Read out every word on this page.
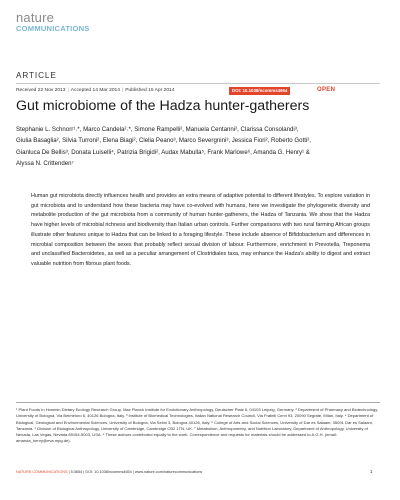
nature
COMMUNICATIONS
ARTICLE
Received 22 Nov 2013 | Accepted 14 Mar 2014 | Published 15 Apr 2014	DOI: 10.1038/ncomms4654	OPEN
Gut microbiome of the Hadza hunter-gatherers
Stephanie L. Schnorr¹˒*, Marco Candela²˒*, Simone Rampelli², Manuela Centanni², Clarissa Consolandi³,
Giulia Basaglia², Silvia Turroni², Elena Biagi², Clelia Peano³, Marco Severgnini³, Jessica Fiori², Roberto Gotti²,
Gianluca De Bellis³, Donata Luiselli⁴, Patrizia Brigidi², Audax Mabulla⁵, Frank Marlowe⁶, Amanda G. Henry¹ &
Alyssa N. Crittenden⁷
Human gut microbiota directly influences health and provides an extra means of adaptive potential to different lifestyles. To explore variation in gut microbiota and to understand how these bacteria may have co-evolved with humans, here we investigate the phylogenetic diversity and metabolite production of the gut microbiota from a community of human hunter-gatherers, the Hadza of Tanzania. We show that the Hadza have higher levels of microbial richness and biodiversity than Italian urban controls. Further comparisons with two rural farming African groups illustrate other features unique to Hadza that can be linked to a foraging lifestyle. These include absence of Bifidobacterium and differences in microbial composition between the sexes that probably reflect sexual division of labour. Furthermore, enrichment in Prevotella, Treponema and unclassified Bacteroidetes, as well as a peculiar arrangement of Clostridiales taxa, may enhance the Hadza's ability to digest and extract valuable nutrition from fibrous plant foods.
¹ Plant Foods In Hominin Dietary Ecology Research Group, Max Planck Institute for Evolutionary Anthropology, Deutscher Platz 6, 04103 Leipzig, Germany. ² Department of Pharmacy and Biotechnology, University of Bologna, Via Belmeloro 6, 40126 Bologna, Italy. ³ Institute of Biomedical Technologies, Italian National Research Council, Via Fratelli Cervi 93, 20090 Segrate, Milan, Italy. ⁴ Department of Biological, Geological and Environmental Sciences, University of Bologna, Via Selmi 3, Bologna 40126, Italy. ⁵ College of Arts and Social Sciences, University of Dar es Salaam, 35091 Dar es Salaam, Tanzania. ⁶ Division of Biological Anthropology, University of Cambridge, Cambridge CB2 1TN, UK. ⁷ Metabolism, Anthropometry, and Nutrition Laboratory, Department of Anthropology, University of Nevada, Las Vegas, Nevada 89154-5003, USA. * These authors contributed equally to the work. Correspondence and requests for materials should be addressed to A.G.H. (email: amanda_henry@eva.mpg.de).
NATURE COMMUNICATIONS | 5:3654 | DOI: 10.1038/ncomms4654 | www.nature.com/naturecommunications	1
